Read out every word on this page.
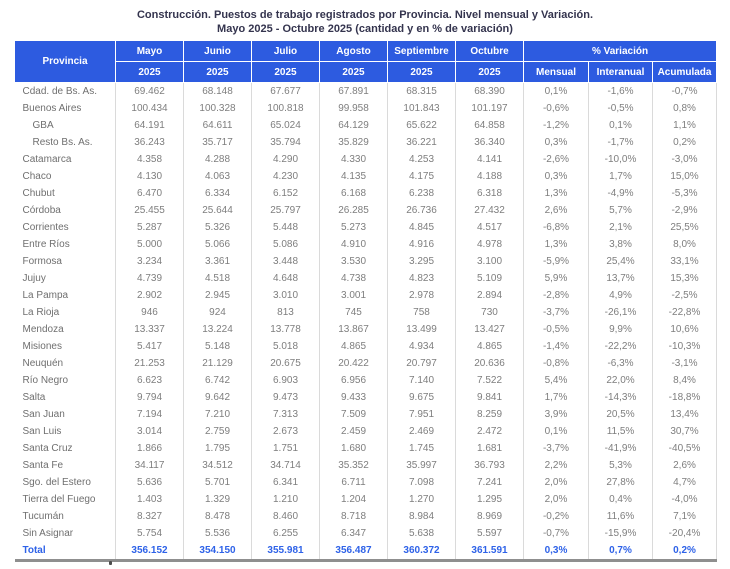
Construcción. Puestos de trabajo registrados por Provincia. Nivel mensual y Variación.
Mayo 2025 - Octubre 2025 (cantidad y en % de variación)
Provincia	Mayo	Junio	Julio	Agosto	Septiembre	Octubre	% Variación		
	2025	2025	2025	2025	2025	2025	Mensual	Interanual	Acumulada
Cdad. de Bs. As.	69.462	68.148	67.677	67.891	68.315	68.390	0,1%	-1,6%	-0,7%
Buenos Aires	100.434	100.328	100.818	99.958	101.843	101.197	-0,6%	-0,5%	0,8%
GBA	64.191	64.611	65.024	64.129	65.622	64.858	-1,2%	0,1%	1,1%
Resto Bs. As.	36.243	35.717	35.794	35.829	36.221	36.340	0,3%	-1,7%	0,2%
Catamarca	4.358	4.288	4.290	4.330	4.253	4.141	-2,6%	-10,0%	-3,0%
Chaco	4.130	4.063	4.230	4.135	4.175	4.188	0,3%	1,7%	15,0%
Chubut	6.470	6.334	6.152	6.168	6.238	6.318	1,3%	-4,9%	-5,3%
Córdoba	25.455	25.644	25.797	26.285	26.736	27.432	2,6%	5,7%	-2,9%
Corrientes	5.287	5.326	5.448	5.273	4.845	4.517	-6,8%	2,1%	25,5%
Entre Ríos	5.000	5.066	5.086	4.910	4.916	4.978	1,3%	3,8%	8,0%
Formosa	3.234	3.361	3.448	3.530	3.295	3.100	-5,9%	25,4%	33,1%
Jujuy	4.739	4.518	4.648	4.738	4.823	5.109	5,9%	13,7%	15,3%
La Pampa	2.902	2.945	3.010	3.001	2.978	2.894	-2,8%	4,9%	-2,5%
La Rioja	946	924	813	745	758	730	-3,7%	-26,1%	-22,8%
Mendoza	13.337	13.224	13.778	13.867	13.499	13.427	-0,5%	9,9%	10,6%
Misiones	5.417	5.148	5.018	4.865	4.934	4.865	-1,4%	-22,2%	-10,3%
Neuquén	21.253	21.129	20.675	20.422	20.797	20.636	-0,8%	-6,3%	-3,1%
Río Negro	6.623	6.742	6.903	6.956	7.140	7.522	5,4%	22,0%	8,4%
Salta	9.794	9.642	9.473	9.433	9.675	9.841	1,7%	-14,3%	-18,8%
San Juan	7.194	7.210	7.313	7.509	7.951	8.259	3,9%	20,5%	13,4%
San Luis	3.014	2.759	2.673	2.459	2.469	2.472	0,1%	11,5%	30,7%
Santa Cruz	1.866	1.795	1.751	1.680	1.745	1.681	-3,7%	-41,9%	-40,5%
Santa Fe	34.117	34.512	34.714	35.352	35.997	36.793	2,2%	5,3%	2,6%
Sgo. del Estero	5.636	5.701	6.341	6.711	7.098	7.241	2,0%	27,8%	4,7%
Tierra del Fuego	1.403	1.329	1.210	1.204	1.270	1.295	2,0%	0,4%	-4,0%
Tucumán	8.327	8.478	8.460	8.718	8.984	8.969	-0,2%	11,6%	7,1%
Sin Asignar	5.754	5.536	6.255	6.347	5.638	5.597	-0,7%	-15,9%	-20,4%
Total	356.152	354.150	355.981	356.487	360.372	361.591	0,3%	0,7%	0,2%
